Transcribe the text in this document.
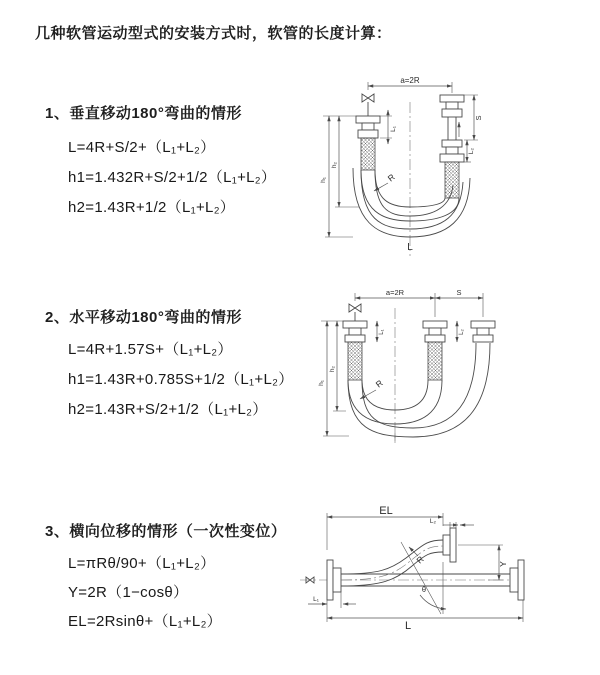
几种软管运动型式的安装方式时，软管的长度计算：
1、垂直移动180°弯曲的情形
L=4R+S/2+（L₁+L₂）
h1=1.432R+S/2+1/2（L₁+L₂）
h2=1.43R+1/2（L₁+L₂）
2、水平移动180°弯曲的情形
L=4R+1.57S+（L₁+L₂）
h1=1.43R+0.785S+1/2（L₁+L₂）
h2=1.43R+S/2+1/2（L₁+L₂）
3、横向位移的情形（一次性变位）
L=πRθ/90+（L₁+L₂）
Y=2R（1−cosθ）
EL=2Rsinθ+（L₁+L₂）
a=2R
L₁
S
L₂
h₁
h₂
R
L
a=2R	S
L₁	L₂
h₁
h₂
R
EL
L₂
Y
R
θ
L₁
L
